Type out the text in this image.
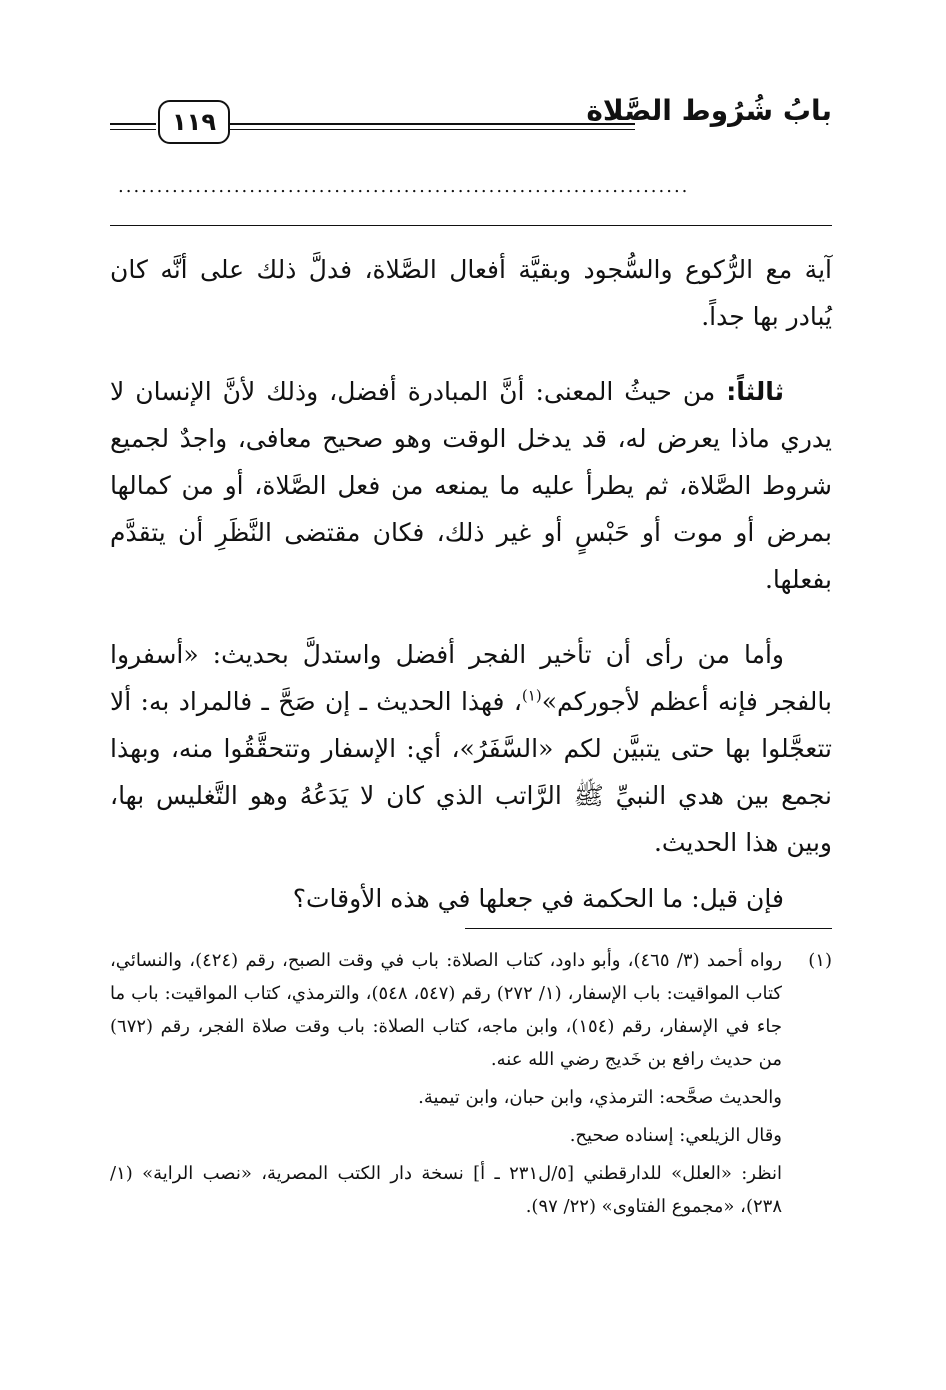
بابُ شُرُوط الصَّلاة
١١٩
..........................................................................

آية مع الرُّكوع والسُّجود وبقيَّة أفعال الصَّلاة، فدلَّ ذلك على أنَّه كان يُبادر بها جداً.

ثالثاً: من حيثُ المعنى: أنَّ المبادرة أفضل، وذلك لأنَّ الإنسان لا يدري ماذا يعرض له، قد يدخل الوقت وهو صحيح معافى، واجدٌ لجميع شروط الصَّلاة، ثم يطرأ عليه ما يمنعه من فعل الصَّلاة، أو من كمالها بمرض أو موت أو حَبْسٍ أو غير ذلك، فكان مقتضى النَّظَرِ أن يتقدَّم بفعلها.

وأما من رأى أن تأخير الفجر أفضل واستدلَّ بحديث: «أسفروا بالفجر فإنه أعظم لأجوركم»$^{(١)}$، فهذا الحديث ـ إن صَحَّ ـ فالمراد به: ألا تتعجَّلوا بها حتى يتبيَّن لكم «السَّفَرُ»، أي: الإسفار وتتحقَّقُوا منه، وبهذا نجمع بين هدي النبيِّ ﷺ الرَّاتب الذي كان لا يَدَعُهُ وهو التَّغليس بها، وبين هذا الحديث.

فإن قيل: ما الحكمة في جعلها في هذه الأوقات؟
(١)

رواه أحمد (٣/ ٤٦٥)، وأبو داود، كتاب الصلاة: باب في وقت الصبح، رقم (٤٢٤)، والنسائي، كتاب المواقيت: باب الإسفار، (١/ ٢٧٢) رقم (٥٤٧، ٥٤٨)، والترمذي، كتاب المواقيت: باب ما جاء في الإسفار، رقم (١٥٤)، وابن ماجه، كتاب الصلاة: باب وقت صلاة الفجر، رقم (٦٧٢) من حديث رافع بن خَديج رضي الله عنه.

والحديث صحَّحه: الترمذي، وابن حبان، وابن تيمية.

وقال الزيلعي: إسناده صحيح.

انظر: «العلل» للدارقطني [٥/ل٢٣١ ـ أ] نسخة دار الكتب المصرية، «نصب الراية» (١/ ٢٣٨)، «مجموع الفتاوى» (٢٢/ ٩٧).
